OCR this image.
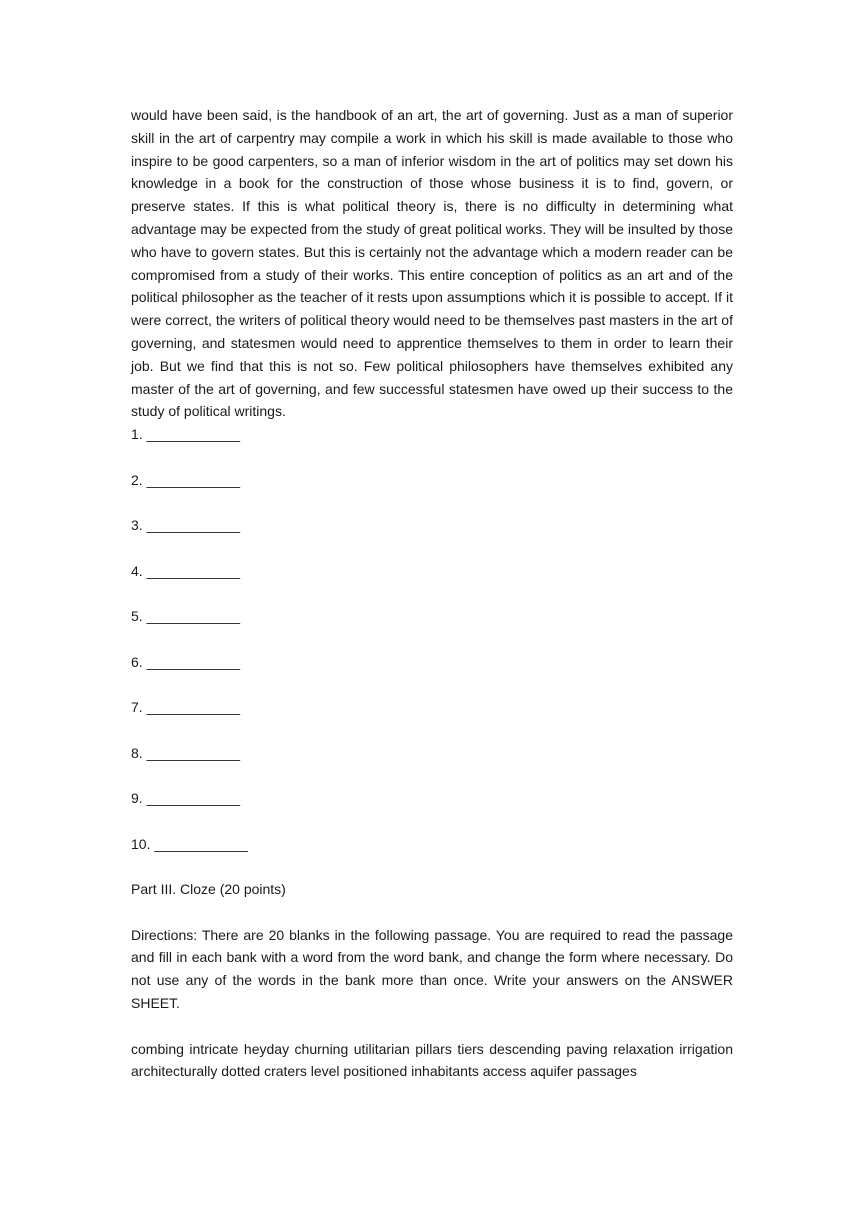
would have been said, is the handbook of an art, the art of governing. Just as a man of superior skill in the art of carpentry may compile a work in which his skill is made available to those who inspire to be good carpenters, so a man of inferior wisdom in the art of politics may set down his knowledge in a book for the construction of those whose business it is to find, govern, or preserve states. If this is what political theory is, there is no difficulty in determining what advantage may be expected from the study of great political works. They will be insulted by those who have to govern states. But this is certainly not the advantage which a modern reader can be compromised from a study of their works. This entire conception of politics as an art and of the political philosopher as the teacher of it rests upon assumptions which it is possible to accept. If it were correct, the writers of political theory would need to be themselves past masters in the art of governing, and statesmen would need to apprentice themselves to them in order to learn their job. But we find that this is not so. Few political philosophers have themselves exhibited any master of the art of governing, and few successful statesmen have owed up their success to the study of political writings.

1. ____________
2. ____________
3. ____________
4. ____________
5. ____________
6. ____________
7. ____________
8. ____________
9. ____________
10. ____________

Part III. Cloze (20 points)

Directions: There are 20 blanks in the following passage. You are required to read the passage and fill in each bank with a word from the word bank, and change the form where necessary. Do not use any of the words in the bank more than once. Write your answers on the ANSWER SHEET.

combing intricate heyday churning utilitarian pillars tiers descending paving relaxation irrigation architecturally dotted craters level positioned inhabitants access aquifer passages
